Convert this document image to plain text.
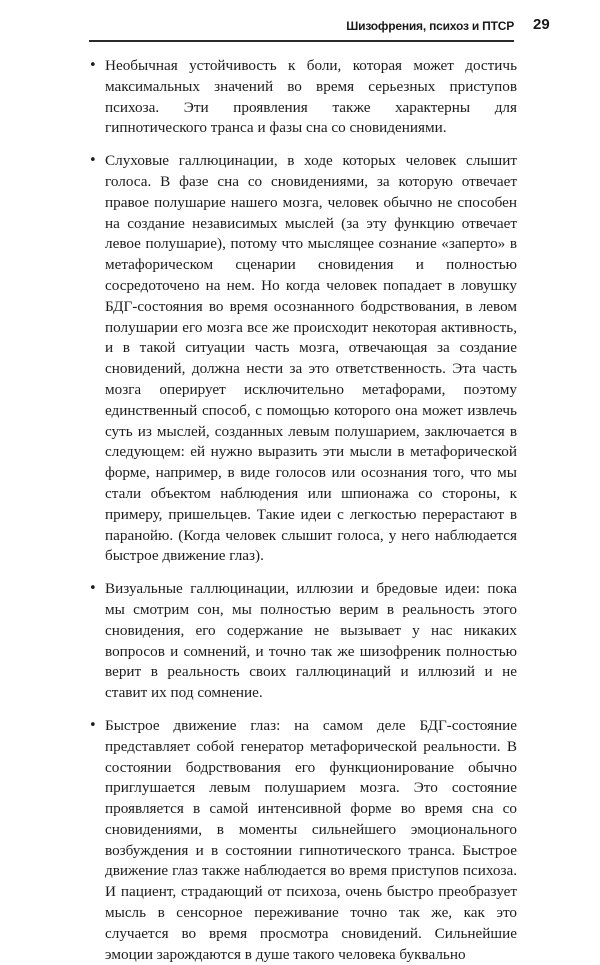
Шизофрения, психоз и ПТСР 29
• Необычная устойчивость к боли, которая может достичь максимальных значений во время серьезных приступов психоза. Эти проявления также характерны для гипнотического транса и фазы сна со сновидениями.
• Слуховые галлюцинации, в ходе которых человек слышит голоса. В фазе сна со сновидениями, за которую отвечает правое полушарие нашего мозга, человек обычно не способен на создание независимых мыслей (за эту функцию отвечает левое полушарие), потому что мыслящее сознание «заперто» в метафорическом сценарии сновидения и полностью сосредоточено на нем. Но когда человек попадает в ловушку БДГ-состояния во время осознанного бодрствования, в левом полушарии его мозга все же происходит некоторая активность, и в такой ситуации часть мозга, отвечающая за создание сновидений, должна нести за это ответственность. Эта часть мозга оперирует исключительно метафорами, поэтому единственный способ, с помощью которого она может извлечь суть из мыслей, созданных левым полушарием, заключается в следующем: ей нужно выразить эти мысли в метафорической форме, например, в виде голосов или осознания того, что мы стали объектом наблюдения или шпионажа со стороны, к примеру, пришельцев. Такие идеи с легкостью перерастают в паранойю. (Когда человек слышит голоса, у него наблюдается быстрое движение глаз).
• Визуальные галлюцинации, иллюзии и бредовые идеи: пока мы смотрим сон, мы полностью верим в реальность этого сновидения, его содержание не вызывает у нас никаких вопросов и сомнений, и точно так же шизофреник полностью верит в реальность своих галлюцинаций и иллюзий и не ставит их под сомнение.
• Быстрое движение глаз: на самом деле БДГ-состояние представляет собой генератор метафорической реальности. В состоянии бодрствования его функционирование обычно приглушается левым полушарием мозга. Это состояние проявляется в самой интенсивной форме во время сна со сновидениями, в моменты сильнейшего эмоционального возбуждения и в состоянии гипнотического транса. Быстрое движение глаз также наблюдается во время приступов психоза. И пациент, страдающий от психоза, очень быстро преобразует мысль в сенсорное переживание точно так же, как это случается во время просмотра сновидений. Сильнейшие эмоции зарождаются в душе такого человека буквально
